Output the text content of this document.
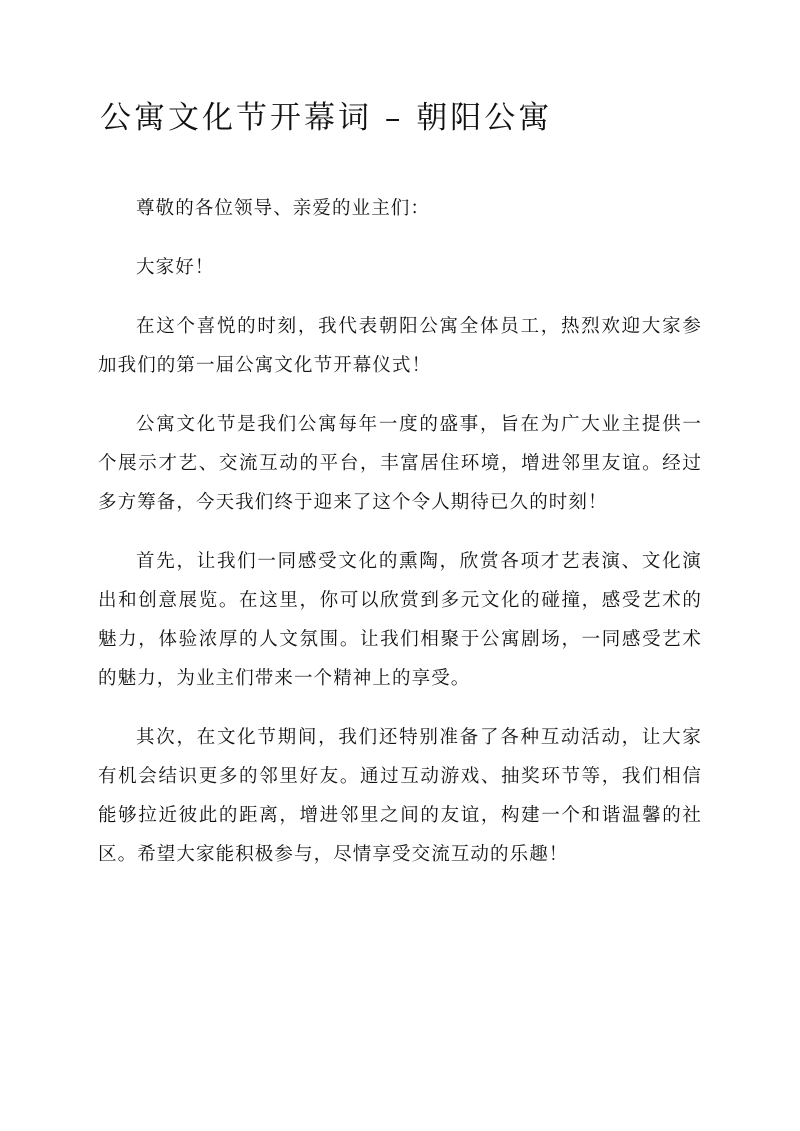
公寓文化节开幕词 – 朝阳公寓

尊敬的各位领导、亲爱的业主们：

大家好！

在这个喜悦的时刻，我代表朝阳公寓全体员工，热烈欢迎大家参加我们的第一届公寓文化节开幕仪式！

公寓文化节是我们公寓每年一度的盛事，旨在为广大业主提供一个展示才艺、交流互动的平台，丰富居住环境，增进邻里友谊。经过多方筹备，今天我们终于迎来了这个令人期待已久的时刻！

首先，让我们一同感受文化的熏陶，欣赏各项才艺表演、文化演出和创意展览。在这里，你可以欣赏到多元文化的碰撞，感受艺术的魅力，体验浓厚的人文氛围。让我们相聚于公寓剧场，一同感受艺术的魅力，为业主们带来一个精神上的享受。

其次，在文化节期间，我们还特别准备了各种互动活动，让大家有机会结识更多的邻里好友。通过互动游戏、抽奖环节等，我们相信能够拉近彼此的距离，增进邻里之间的友谊，构建一个和谐温馨的社区。希望大家能积极参与，尽情享受交流互动的乐趣！
